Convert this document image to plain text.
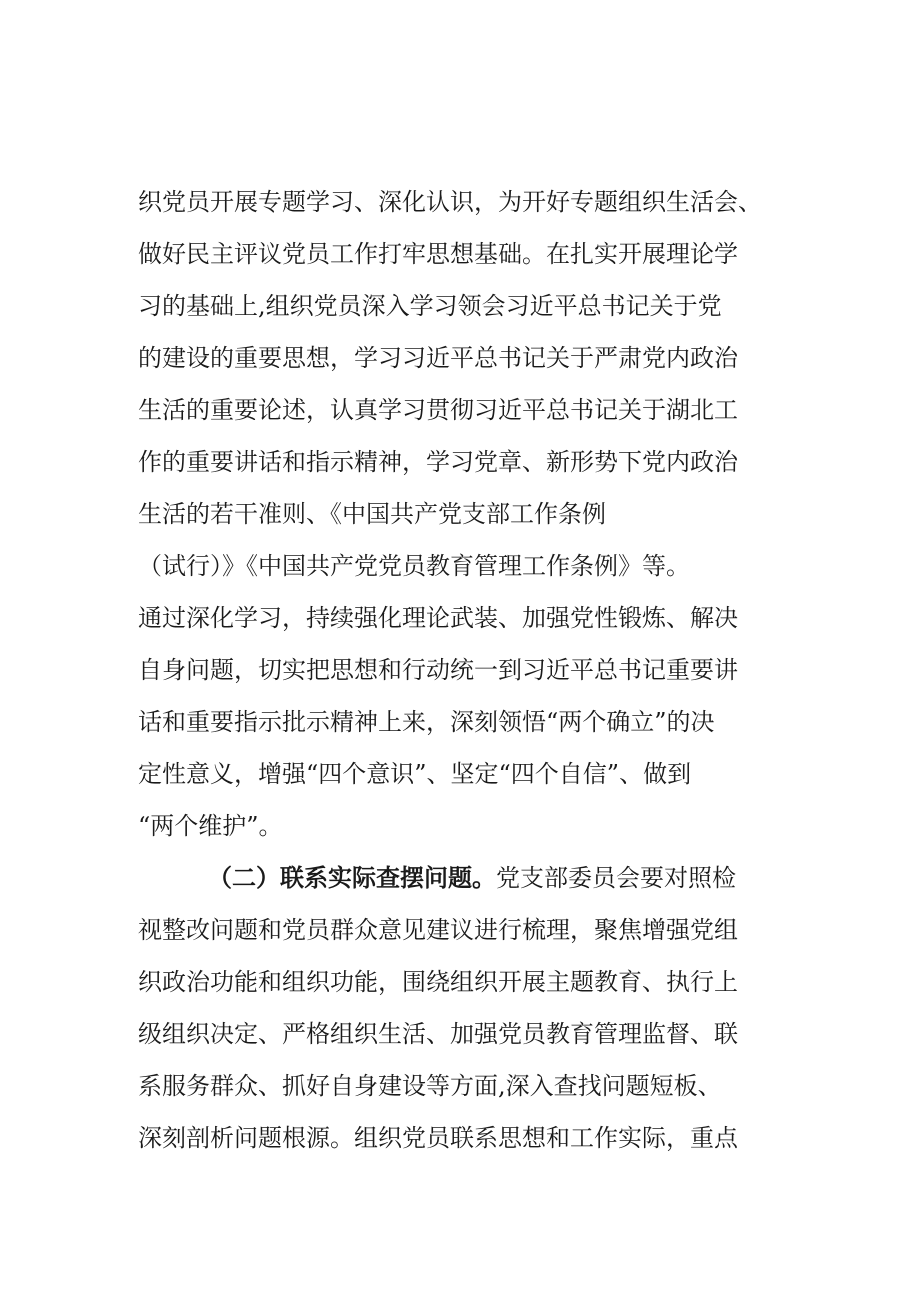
织党员开展专题学习、深化认识，为开好专题组织生活会、
做好民主评议党员工作打牢思想基础。在扎实开展理论学
习的基础上,组织党员深入学习领会习近平总书记关于党
的建设的重要思想，学习习近平总书记关于严肃党内政治
生活的重要论述，认真学习贯彻习近平总书记关于湖北工
作的重要讲话和指示精神，学习党章、新形势下党内政治
生活的若干准则、《中国共产党支部工作条例
（试行）》《中国共产党党员教育管理工作条例》等。
通过深化学习，持续强化理论武装、加强党性锻炼、解决
自身问题，切实把思想和行动统一到习近平总书记重要讲
话和重要指示批示精神上来，深刻领悟“两个确立”的决
定性意义，增强“四个意识”、坚定“四个自信”、做到
“两个维护”。
（二）联系实际查摆问题。党支部委员会要对照检
视整改问题和党员群众意见建议进行梳理，聚焦增强党组
织政治功能和组织功能，围绕组织开展主题教育、执行上
级组织决定、严格组织生活、加强党员教育管理监督、联
系服务群众、抓好自身建设等方面,深入查找问题短板、
深刻剖析问题根源。组织党员联系思想和工作实际，重点
